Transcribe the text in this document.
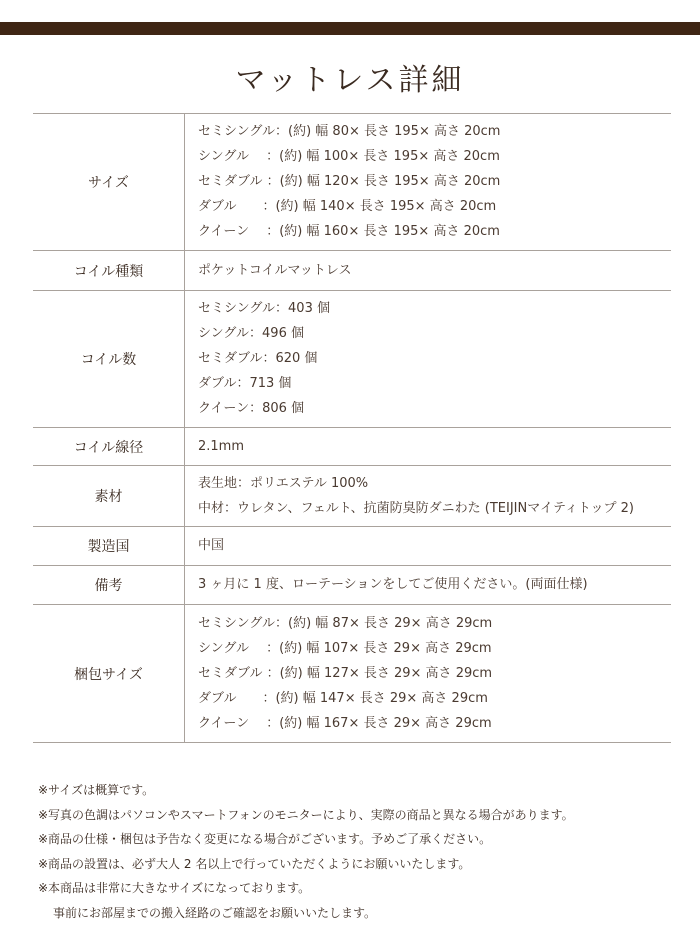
マットレス詳細
サイズ	セミシングル：(約) 幅 80× 長さ 195× 高さ 20cm
シングル　 ：(約) 幅 100× 長さ 195× 高さ 20cm
セミダブル ：(約) 幅 120× 長さ 195× 高さ 20cm
ダブル　　：(約) 幅 140× 長さ 195× 高さ 20cm
クイーン　 ：(約) 幅 160× 長さ 195× 高さ 20cm

コイル種類	ポケットコイルマットレス

コイル数	セミシングル：403 個
シングル：496 個
セミダブル：620 個
ダブル：713 個
クイーン：806 個

コイル線径	2.1mm

素材	表生地：ポリエステル 100%
中材：ウレタン、フェルト、抗菌防臭防ダニわた (TEIJINマイティトップ 2)

製造国	中国

備考	3 ヶ月に 1 度、ローテーションをしてご使用ください。(両面仕様)

梱包サイズ	セミシングル：(約) 幅 87× 長さ 29× 高さ 29cm
シングル　 ：(約) 幅 107× 長さ 29× 高さ 29cm
セミダブル ：(約) 幅 127× 長さ 29× 高さ 29cm
ダブル　　：(約) 幅 147× 長さ 29× 高さ 29cm
クイーン　 ：(約) 幅 167× 長さ 29× 高さ 29cm
※サイズは概算です。
※写真の色調はパソコンやスマートフォンのモニターにより、実際の商品と異なる場合があります。
※商品の仕様・梱包は予告なく変更になる場合がございます。予めご了承ください。
※商品の設置は、必ず大人 2 名以上で行っていただくようにお願いいたします。
※本商品は非常に大きなサイズになっております。
事前にお部屋までの搬入経路のご確認をお願いいたします。
